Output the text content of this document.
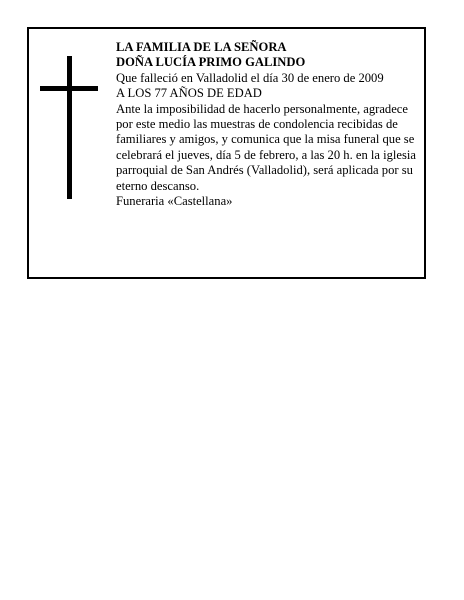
LA FAMILIA DE LA SEÑORA

DOÑA LUCÍA PRIMO GALINDO

Que falleció en Valladolid el día 30 de enero de 2009

A LOS 77 AÑOS DE EDAD

Ante la imposibilidad de hacerlo personalmente, agradece por este medio las muestras de condolencia recibidas de familiares y amigos, y comunica que la misa funeral que se celebrará el jueves, día 5 de febrero, a las 20 h. en la iglesia parroquial de San Andrés (Valladolid), será aplicada por su eterno descanso.

Funeraria «Castellana»
